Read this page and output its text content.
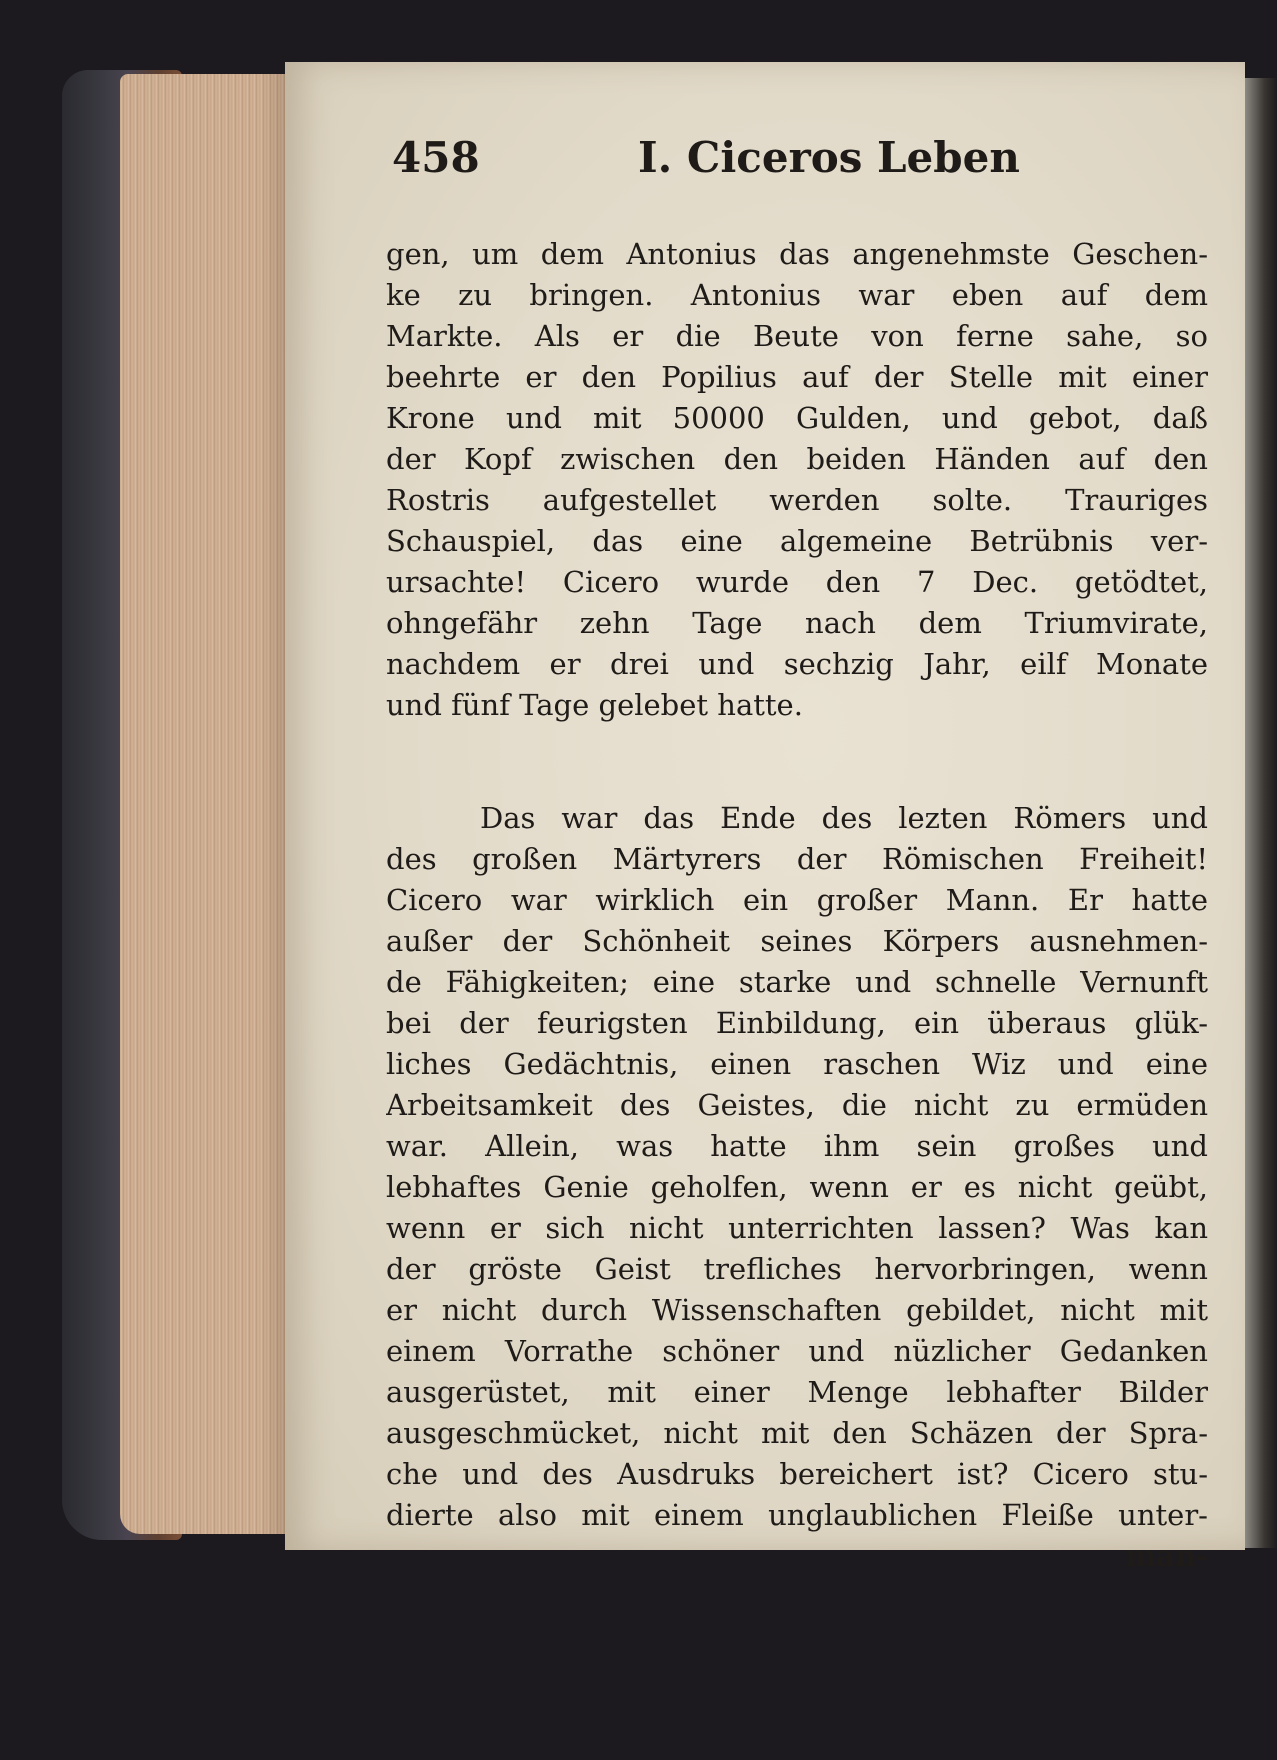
458	I. Ciceros Leben
gen, um dem Antonius das angenehmste Geschen-
ke zu bringen. Antonius war eben auf dem
Markte. Als er die Beute von ferne sahe, so
beehrte er den Popilius auf der Stelle mit einer
Krone und mit 50000 Gulden, und gebot, daß
der Kopf zwischen den beiden Händen auf den
Rostris aufgestellet werden solte. Trauriges
Schauspiel, das eine algemeine Betrübnis ver-
ursachte! Cicero wurde den 7 Dec. getödtet,
ohngefähr zehn Tage nach dem Triumvirate,
nachdem er drei und sechzig Jahr, eilf Monate
und fünf Tage gelebet hatte.
Das war das Ende des lezten Römers und
des großen Märtyrers der Römischen Freiheit!
Cicero war wirklich ein großer Mann. Er hatte
außer der Schönheit seines Körpers ausnehmen-
de Fähigkeiten; eine starke und schnelle Vernunft
bei der feurigsten Einbildung, ein überaus glük-
liches Gedächtnis, einen raschen Wiz und eine
Arbeitsamkeit des Geistes, die nicht zu ermüden
war. Allein, was hatte ihm sein großes und
lebhaftes Genie geholfen, wenn er es nicht geübt,
wenn er sich nicht unterrichten lassen? Was kan
der gröste Geist trefliches hervorbringen, wenn
er nicht durch Wissenschaften gebildet, nicht mit
einem Vorrathe schöner und nüzlicher Gedanken
ausgerüstet, mit einer Menge lebhafter Bilder
ausgeschmücket, nicht mit den Schäzen der Spra-
che und des Ausdruks bereichert ist? Cicero stu-
dierte also mit einem unglaublichen Fleiße unter-
man-
